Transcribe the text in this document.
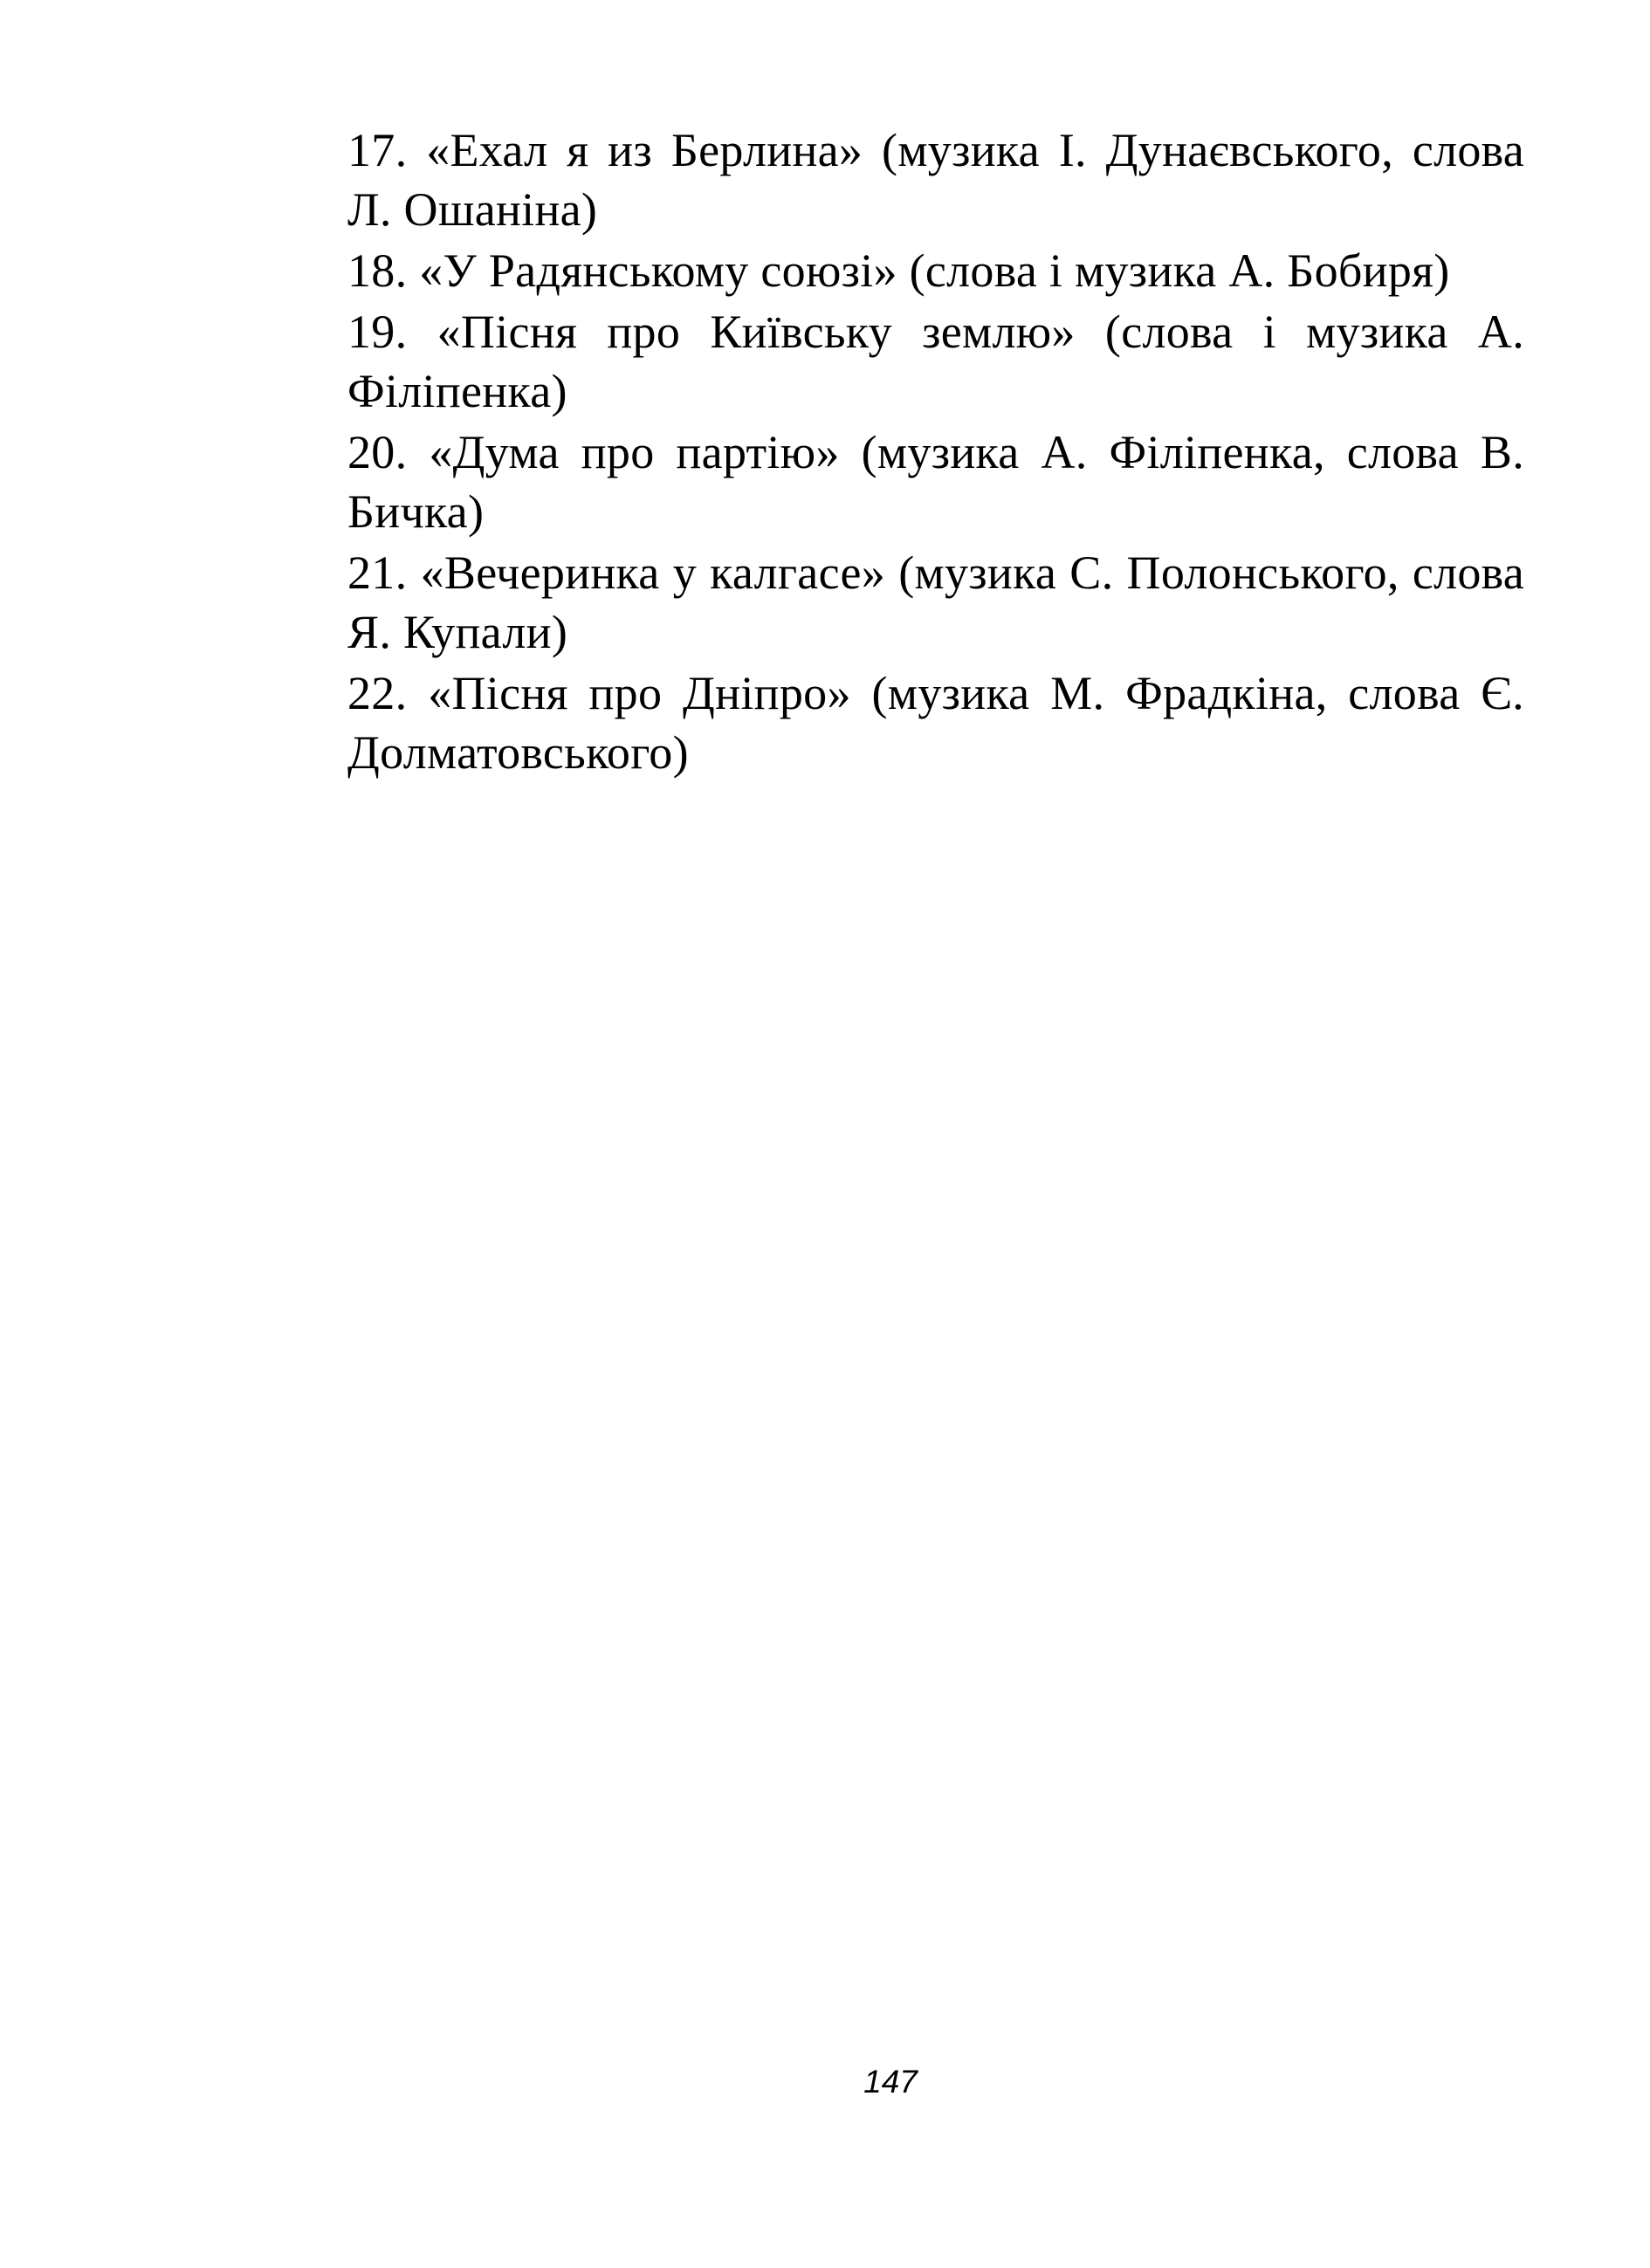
17. «Ехал я из Берлина» (музика І. Дунаєвського, слова Л. Ошаніна)
18. «У Радянському союзі» (слова і музика А. Бобиря)
19. «Пісня про Київську землю» (слова і музика А. Філіпенка)
20. «Дума про партію» (музика А. Філіпенка, слова В. Бичка)
21. «Вечеринка у калгасе» (музика С. Полонського, слова Я. Купали)
22. «Пісня про Дніпро» (музика М. Фрадкіна, слова Є. Долматовського)
147
